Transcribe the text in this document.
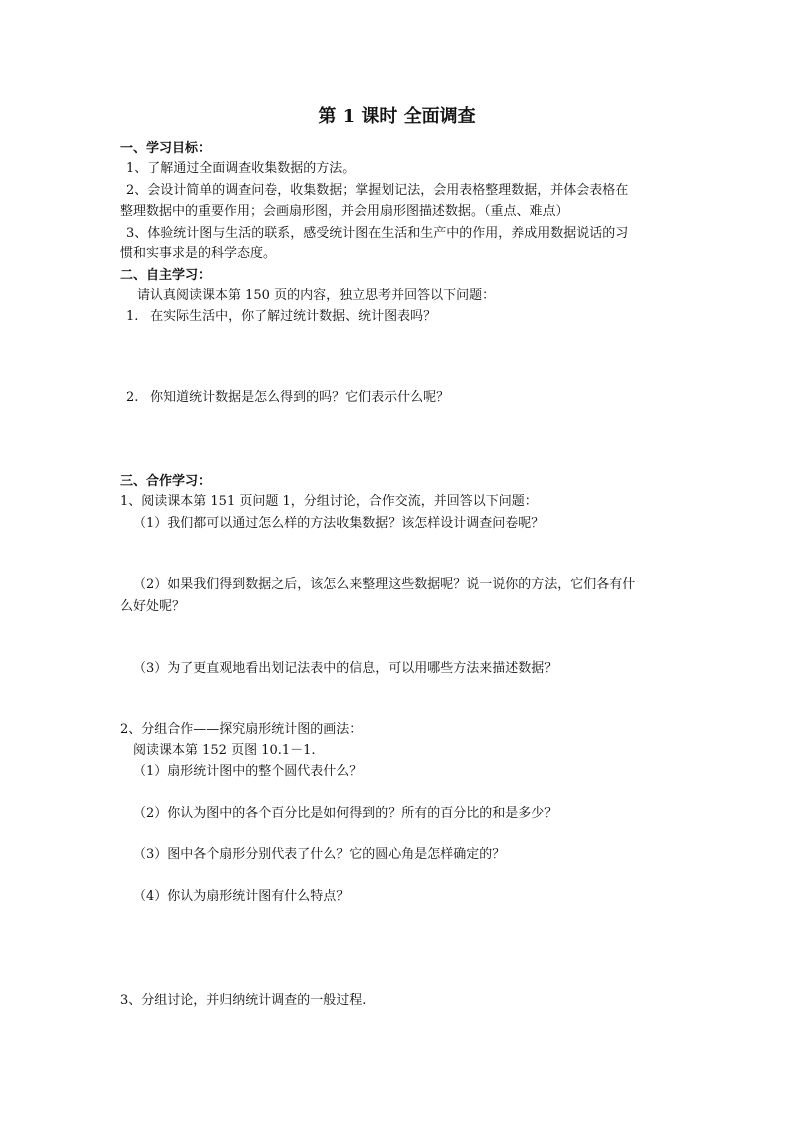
第 1 课时 全面调查
一、学习目标：
1、了解通过全面调查收集数据的方法。
2、会设计简单的调查问卷，收集数据；掌握划记法，会用表格整理数据，并体会表格在
整理数据中的重要作用；会画扇形图，并会用扇形图描述数据。（重点、难点）
3、体验统计图与生活的联系，感受统计图在生活和生产中的作用，养成用数据说话的习
惯和实事求是的科学态度。
二、自主学习：
请认真阅读课本第 150 页的内容，独立思考并回答以下问题：
1. 在实际生活中，你了解过统计数据、统计图表吗？
2. 你知道统计数据是怎么得到的吗？它们表示什么呢？
三、合作学习：
1、阅读课本第 151 页问题 1，分组讨论，合作交流，并回答以下问题：
（1）我们都可以通过怎么样的方法收集数据？该怎样设计调查问卷呢？
（2）如果我们得到数据之后，该怎么来整理这些数据呢？说一说你的方法，它们各有什
么好处呢？
（3）为了更直观地看出划记法表中的信息，可以用哪些方法来描述数据？
2、分组合作——探究扇形统计图的画法：
阅读课本第 152 页图 10.1－1.
（1）扇形统计图中的整个圆代表什么？
（2）你认为图中的各个百分比是如何得到的？所有的百分比的和是多少？
（3）图中各个扇形分别代表了什么？它的圆心角是怎样确定的？
（4）你认为扇形统计图有什么特点？
3、分组讨论，并归纳统计调查的一般过程.
